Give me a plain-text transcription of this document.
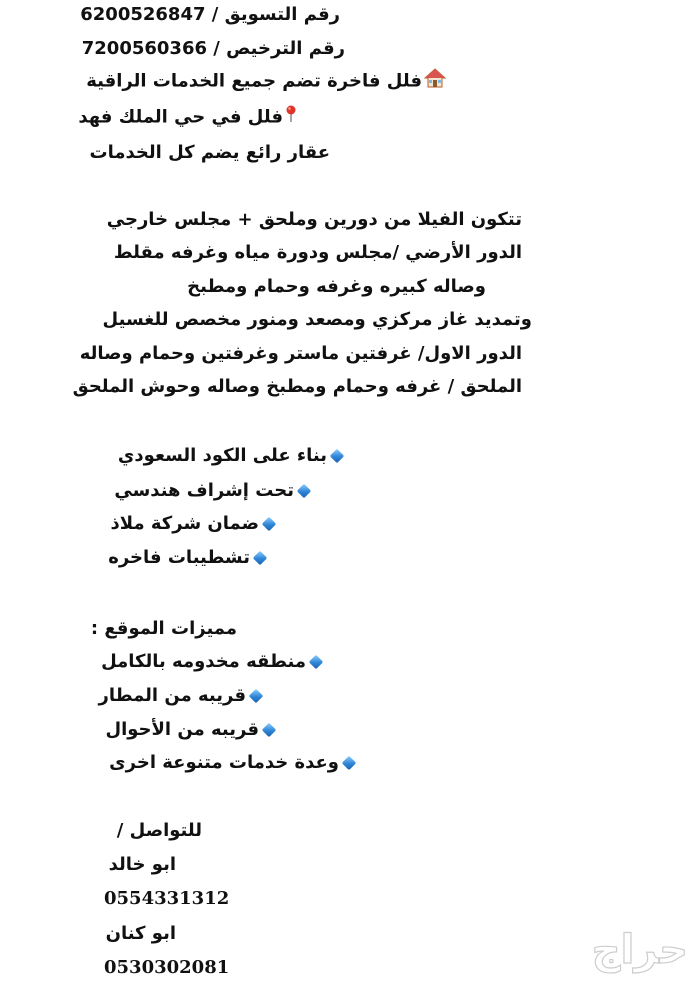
رقم التسويق / 6200526847
رقم الترخيص / 7200560366
فلل فاخرة تضم جميع الخدمات الراقية
فلل في حي الملك فهد
عقار رائع يضم كل الخدمات
تتكون الفيلا من دورين وملحق + مجلس خارجي
الدور الأرضي /مجلس ودورة مياه وغرفه مقلط
وصاله كبيره وغرفه وحمام ومطبخ
وتمديد غاز مركزي ومصعد ومنور مخصص للغسيل
الدور الاول/ غرفتين ماستر وغرفتين وحمام وصاله
الملحق / غرفه وحمام ومطبخ وصاله وحوش الملحق
بناء على الكود السعودي
تحت إشراف هندسي
ضمان شركة ملاذ
تشطيبات فاخره
مميزات الموقع :
منطقه مخدومه بالكامل
قريبه من المطار
قريبه من الأحوال
وعدة خدمات متنوعة اخرى
للتواصل /
ابو خالد
0554331312
ابو كنان
0530302081	حراج
